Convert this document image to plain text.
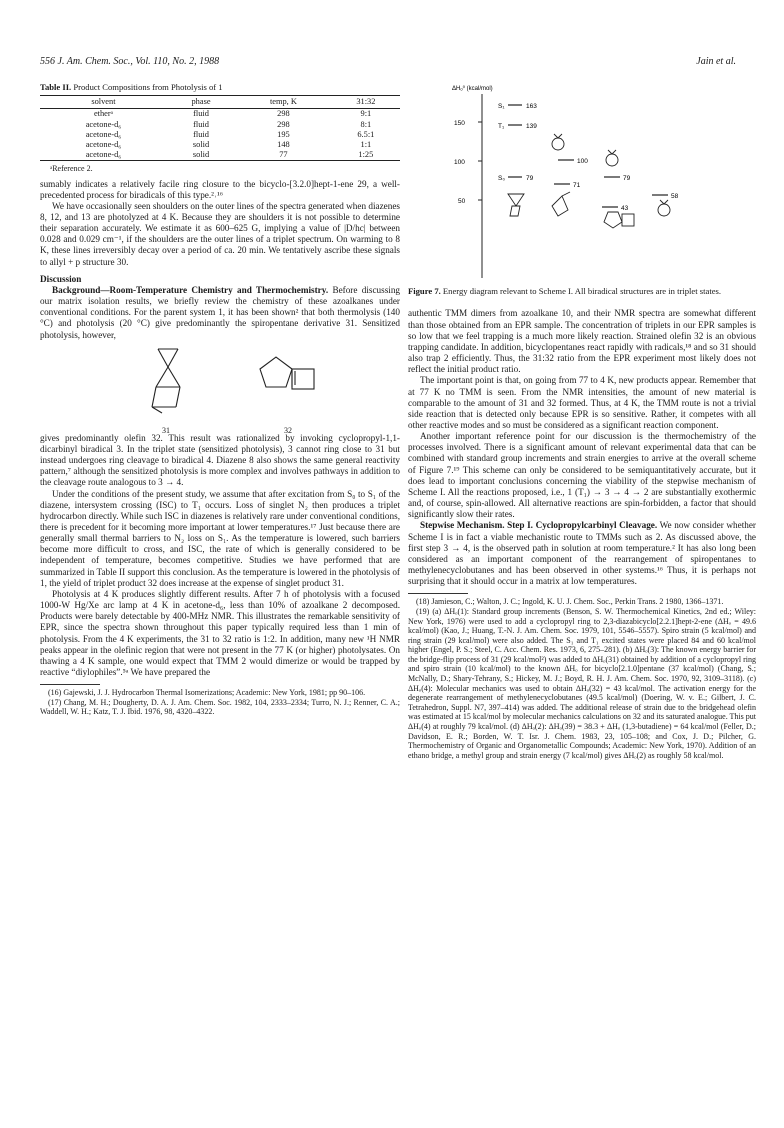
556 J. Am. Chem. Soc., Vol. 110, No. 2, 1988	Jain et al.
Table II. Product Compositions from Photolysis of 1
solvent	phase	temp, K	31:32
etherᵃ	fluid	298	9:1
acetone-d₆	fluid	298	8:1
acetone-d₆	fluid	195	6.5:1
acetone-d₆	solid	148	1:1
acetone-d₆	solid	77	1:25
ᵃReference 2.

sumably indicates a relatively facile ring closure to the bicyclo-[3.2.0]hept-1-ene 29, a well-precedented process for biradicals of this type.²˒¹⁶

We have occasionally seen shoulders on the outer lines of the spectra generated when diazenes 8, 12, and 13 are photolyzed at 4 K. Because they are shoulders it is not possible to determine their separation accurately. We estimate it as 600–625 G, implying a value of |D/hc| between 0.028 and 0.029 cm⁻¹, if the shoulders are the outer lines of a triplet spectrum. On warming to 8 K, these lines irreversibly decay over a period of ca. 20 min. We tentatively ascribe these signals to allyl + p structure 30.

Discussion

Background—Room-Temperature Chemistry and Thermochemistry. Before discussing our matrix isolation results, we briefly review the chemistry of these azoalkanes under conventional conditions. For the parent system 1, it has been shown² that both thermolysis (140 °C) and photolysis (20 °C) give predominantly the spiropentane derivative 31. Sensitized photolysis, however,

31	32

gives predominantly olefin 32. This result was rationalized by invoking cyclopropyl-1,1-dicarbinyl biradical 3. In the triplet state (sensitized photolysis), 3 cannot ring close to 31 but instead undergoes ring cleavage to biradical 4. Diazene 8 also shows the same general reactivity pattern,⁷ although the sensitized photolysis is more complex and involves pathways in addition to the cleavage route analogous to 3 → 4.

Under the conditions of the present study, we assume that after excitation from S₀ to S₁ of the diazene, intersystem crossing (ISC) to T₁ occurs. Loss of singlet N₂ then produces a triplet hydrocarbon directly. While such ISC in diazenes is relatively rare under conventional conditions, there is precedent for it becoming more important at lower temperatures.¹⁷ Just because there are generally small thermal barriers to N₂ loss on S₁. As the temperature is lowered, such barriers become more difficult to cross, and ISC, the rate of which is generally considered to be independent of temperature, becomes competitive. Studies we have performed that are summarized in Table II support this conclusion. As the temperature is lowered in the photolysis of 1, the yield of triplet product 32 does increase at the expense of singlet product 31.

Photolysis at 4 K produces slightly different results. After 7 h of photolysis with a focused 1000-W Hg/Xe arc lamp at 4 K in acetone-d₆, less than 10% of azoalkane 2 decomposed. Products were barely detectable by 400-MHz NMR. This illustrates the remarkable sensitivity of EPR, since the spectra shown throughout this paper typically required less than 1 min of photolysis. From the 4 K experiments, the 31 to 32 ratio is 1:2. In addition, many new ¹H NMR peaks appear in the olefinic region that were not present in the 77 K (or higher) photolysates. On thawing a 4 K sample, one would expect that TMM 2 would dimerize or would be trapped by reactive “diylophiles”.⁵ᵃ We have prepared the

(16) Gajewski, J. J. Hydrocarbon Thermal Isomerizations; Academic: New York, 1981; pp 90–106.

(17) Chang, M. H.; Dougherty, D. A. J. Am. Chem. Soc. 1982, 104, 2333–2334; Turro, N. J.; Renner, C. A.; Waddell, W. H.; Katz, T. J. Ibid. 1976, 98, 4320–4322.

ΔHₒ⁰ (kcal/mol)
150
100
50
S₁	163
T₁	139
S₀	79
100
79
71
58
43
Figure 7. Energy diagram relevant to Scheme I. All biradical structures are in triplet states.

authentic TMM dimers from azoalkane 10, and their NMR spectra are somewhat different than those obtained from an EPR sample. The concentration of triplets in our EPR samples is so low that we feel trapping is a much more likely reaction. Strained olefin 32 is an obvious trapping candidate. In addition, bicyclopentanes react rapidly with radicals,¹⁸ and so 31 should also trap 2 efficiently. Thus, the 31:32 ratio from the EPR experiment most likely does not reflect the initial product ratio.

The important point is that, on going from 77 to 4 K, new products appear. Remember that at 77 K no TMM is seen. From the NMR intensities, the amount of new material is comparable to the amount of 31 and 32 formed. Thus, at 4 K, the TMM route is not a trivial side reaction that is detected only because EPR is so sensitive. Rather, it competes with all other reactive modes and so must be considered as a significant reaction component.

Another important reference point for our discussion is the thermochemistry of the processes involved. There is a significant amount of relevant experimental data that can be combined with standard group increments and strain energies to arrive at the overall scheme of Figure 7.¹⁹ This scheme can only be considered to be semiquantitatively accurate, but it does lead to important conclusions concerning the viability of the stepwise mechanism of Scheme I. All the reactions proposed, i.e., 1 (T₁) → 3 → 4 → 2 are substantially exothermic and, of course, spin-allowed. All alternative reactions are spin-forbidden, a factor that should significantly slow their rates.

Stepwise Mechanism. Step I. Cyclopropylcarbinyl Cleavage. We now consider whether Scheme I is in fact a viable mechanistic route to TMMs such as 2. As discussed above, the first step 3 → 4, is the observed path in solution at room temperature.² It has also long been considered as an important component of the rearrangement of spiropentanes to methylenecyclobutanes and has been observed in other systems.¹⁶ Thus, it is perhaps not surprising that it should occur in a matrix at low temperatures.

(18) Jamieson, C.; Walton, J. C.; Ingold, K. U. J. Chem. Soc., Perkin Trans. 2 1980, 1366–1371.

(19) (a) ΔHₒ(1): Standard group increments (Benson, S. W. Thermochemical Kinetics, 2nd ed.; Wiley: New York, 1976) were used to add a cyclopropyl ring to 2,3-diazabicyclo[2.2.1]hept-2-ene (ΔHₒ = 49.6 kcal/mol) (Kao, J.; Huang, T.-N. J. Am. Chem. Soc. 1979, 101, 5546–5557). Spiro strain (5 kcal/mol) and ring strain (29 kcal/mol) were also added. The S₁ and T₁ excited states were placed 84 and 60 kcal/mol higher (Engel, P. S.; Steel, C. Acc. Chem. Res. 1973, 6, 275–281). (b) ΔHₒ(3): The known energy barrier for the bridge-flip process of 31 (29 kcal/mol²) was added to ΔHₒ(31) obtained by addition of a cyclopropyl ring and spiro strain (10 kcal/mol) to the known ΔHₒ for bicyclo[2.1.0]pentane (37 kcal/mol) (Chang, S.; McNally, D.; Shary-Tehrany, S.; Hickey, M. J.; Boyd, R. H. J. Am. Chem. Soc. 1970, 92, 3109–3118). (c) ΔHₒ(4): Molecular mechanics was used to obtain ΔHₒ(32) = 43 kcal/mol. The activation energy for the degenerate rearrangement of methylenecyclobutanes (49.5 kcal/mol) (Doering, W. v. E.; Gilbert, J. C. Tetrahedron, Suppl. N7, 397–414) was added. The additional release of strain due to the bridgehead olefin was estimated at 15 kcal/mol by molecular mechanics calculations on 32 and its saturated analogue. This put ΔHₒ(4) at roughly 79 kcal/mol. (d) ΔHₒ(2): ΔHₒ(39) = 38.3 + ΔHₒ (1,3-butadiene) = 64 kcal/mol (Feller, D.; Davidson, E. R.; Borden, W. T. Isr. J. Chem. 1983, 23, 105–108; and Cox, J. D.; Pilcher, G. Thermochemistry of Organic and Organometallic Compounds; Academic: New York, 1970). Addition of an ethano bridge, a methyl group and strain energy (7 kcal/mol) gives ΔHₒ(2) as roughly 58 kcal/mol.
